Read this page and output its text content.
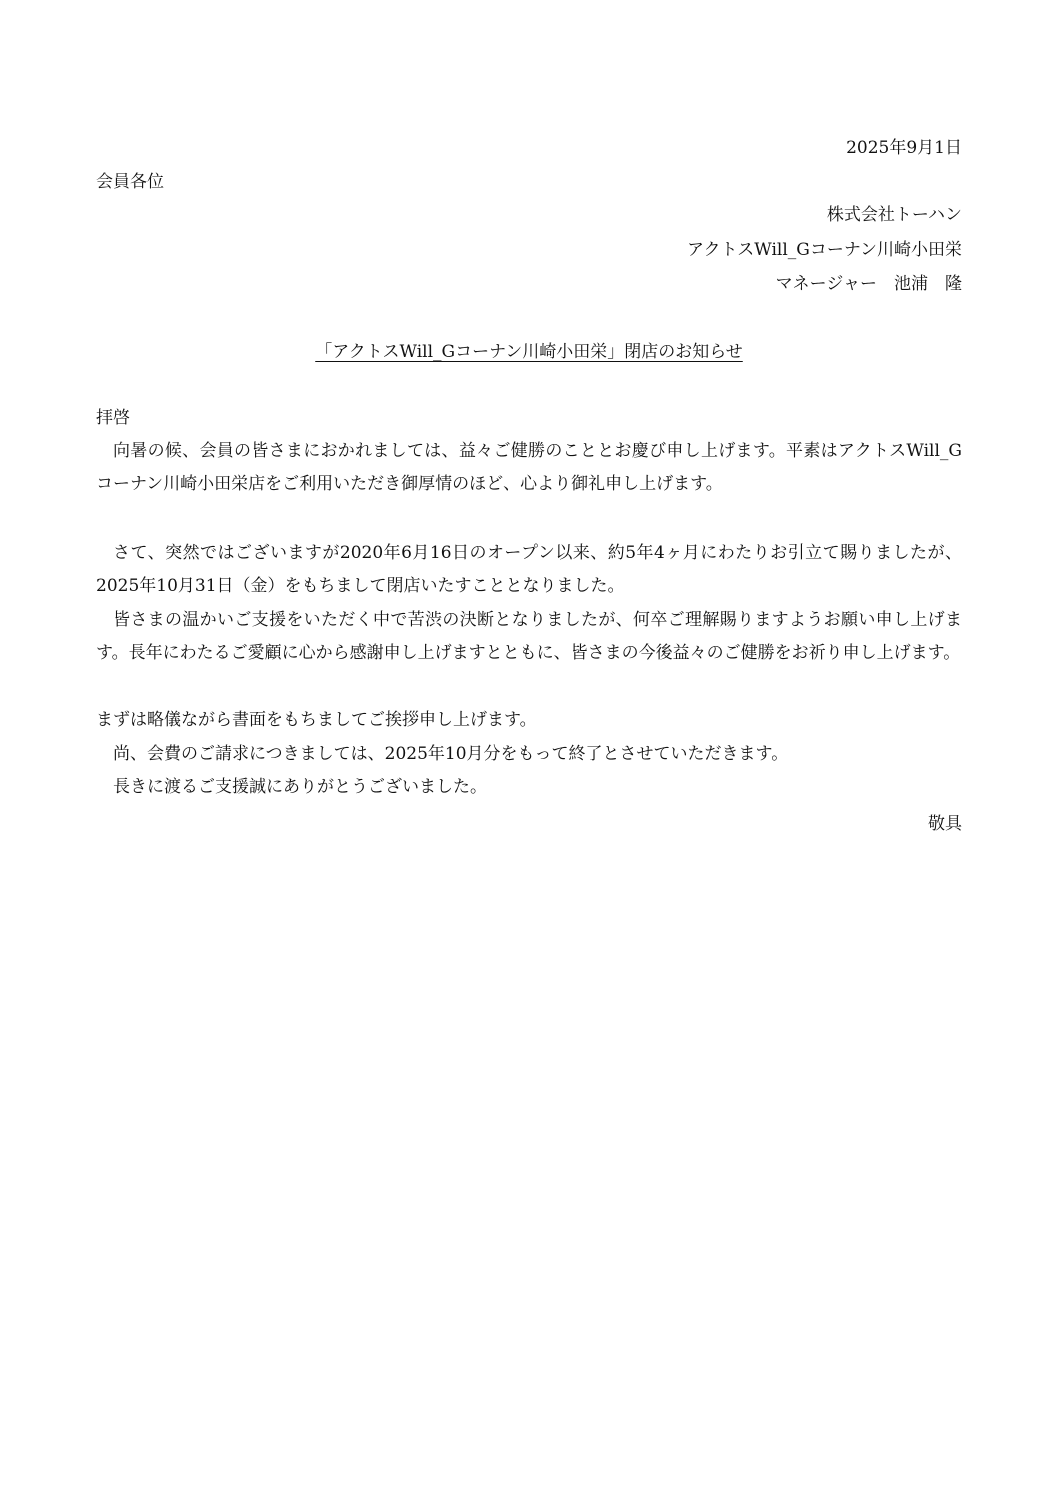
2025年9月1日
会員各位
株式会社トーハン
アクトスWill_Gコーナン川崎小田栄
マネージャー　池浦　隆
「アクトスWill_Gコーナン川崎小田栄」閉店のお知らせ
拝啓
向暑の候、会員の皆さまにおかれましては、益々ご健勝のこととお慶び申し上げます。平素はアクトスWill_Gコーナン川崎小田栄店をご利用いただき御厚情のほど、心より御礼申し上げます。
さて、突然ではございますが2020年6月16日のオープン以来、約5年4ヶ月にわたりお引立て賜りましたが、2025年10月31日（金）をもちまして閉店いたすこととなりました。
皆さまの温かいご支援をいただく中で苦渋の決断となりましたが、何卒ご理解賜りますようお願い申し上げます。長年にわたるご愛顧に心から感謝申し上げますとともに、皆さまの今後益々のご健勝をお祈り申し上げます。
まずは略儀ながら書面をもちましてご挨拶申し上げます。
尚、会費のご請求につきましては、2025年10月分をもって終了とさせていただきます。
長きに渡るご支援誠にありがとうございました。
敬具
